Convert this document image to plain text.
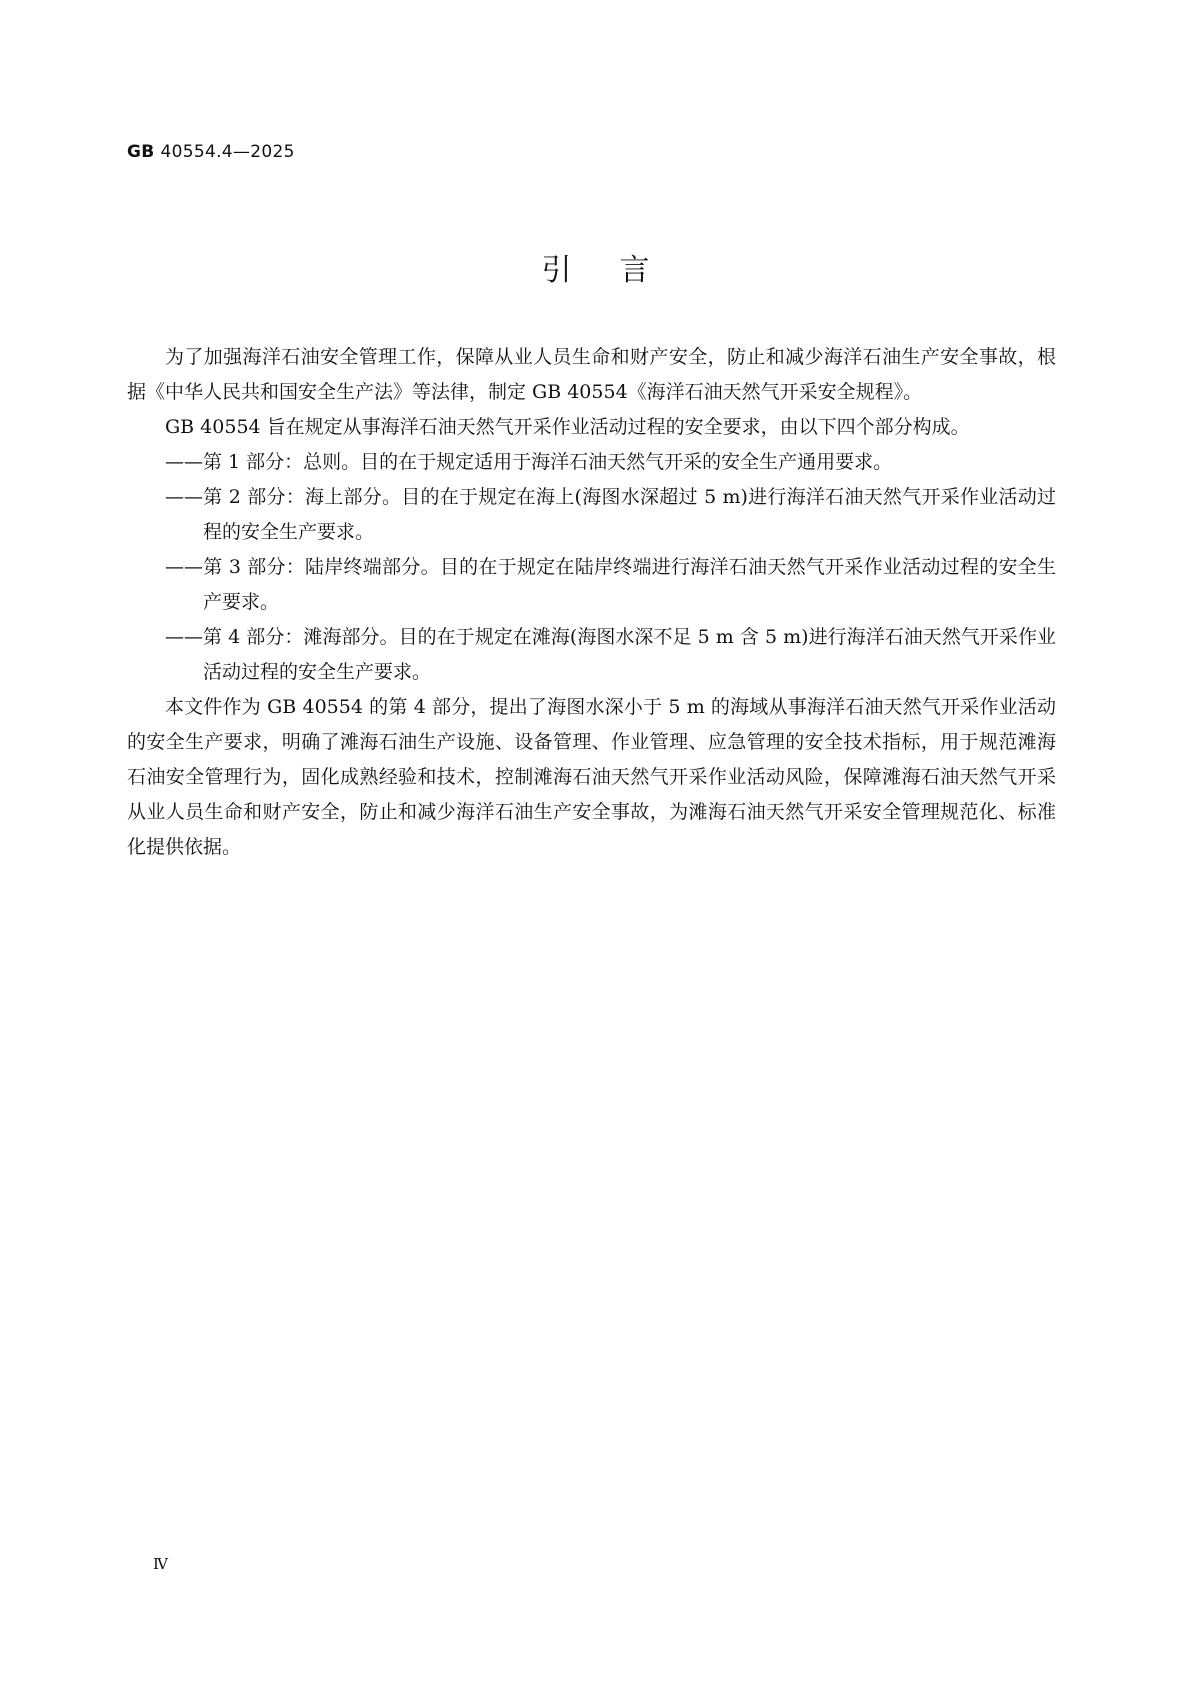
GB 40554.4—2025
引言

为了加强海洋石油安全管理工作，保障从业人员生命和财产安全，防止和减少海洋石油生产安全事故，根据《中华人民共和国安全生产法》等法律，制定 GB 40554《海洋石油天然气开采安全规程》。

GB 40554 旨在规定从事海洋石油天然气开采作业活动过程的安全要求，由以下四个部分构成。

——第 1 部分：总则。目的在于规定适用于海洋石油天然气开采的安全生产通用要求。

——第 2 部分：海上部分。目的在于规定在海上(海图水深超过 5 m)进行海洋石油天然气开采作业活动过程的安全生产要求。

——第 3 部分：陆岸终端部分。目的在于规定在陆岸终端进行海洋石油天然气开采作业活动过程的安全生产要求。

——第 4 部分：滩海部分。目的在于规定在滩海(海图水深不足 5 m 含 5 m)进行海洋石油天然气开采作业活动过程的安全生产要求。

本文件作为 GB 40554 的第 4 部分，提出了海图水深小于 5 m 的海域从事海洋石油天然气开采作业活动的安全生产要求，明确了滩海石油生产设施、设备管理、作业管理、应急管理的安全技术指标，用于规范滩海石油安全管理行为，固化成熟经验和技术，控制滩海石油天然气开采作业活动风险，保障滩海石油天然气开采从业人员生命和财产安全，防止和减少海洋石油生产安全事故，为滩海石油天然气开采安全管理规范化、标准化提供依据。

Ⅳ
